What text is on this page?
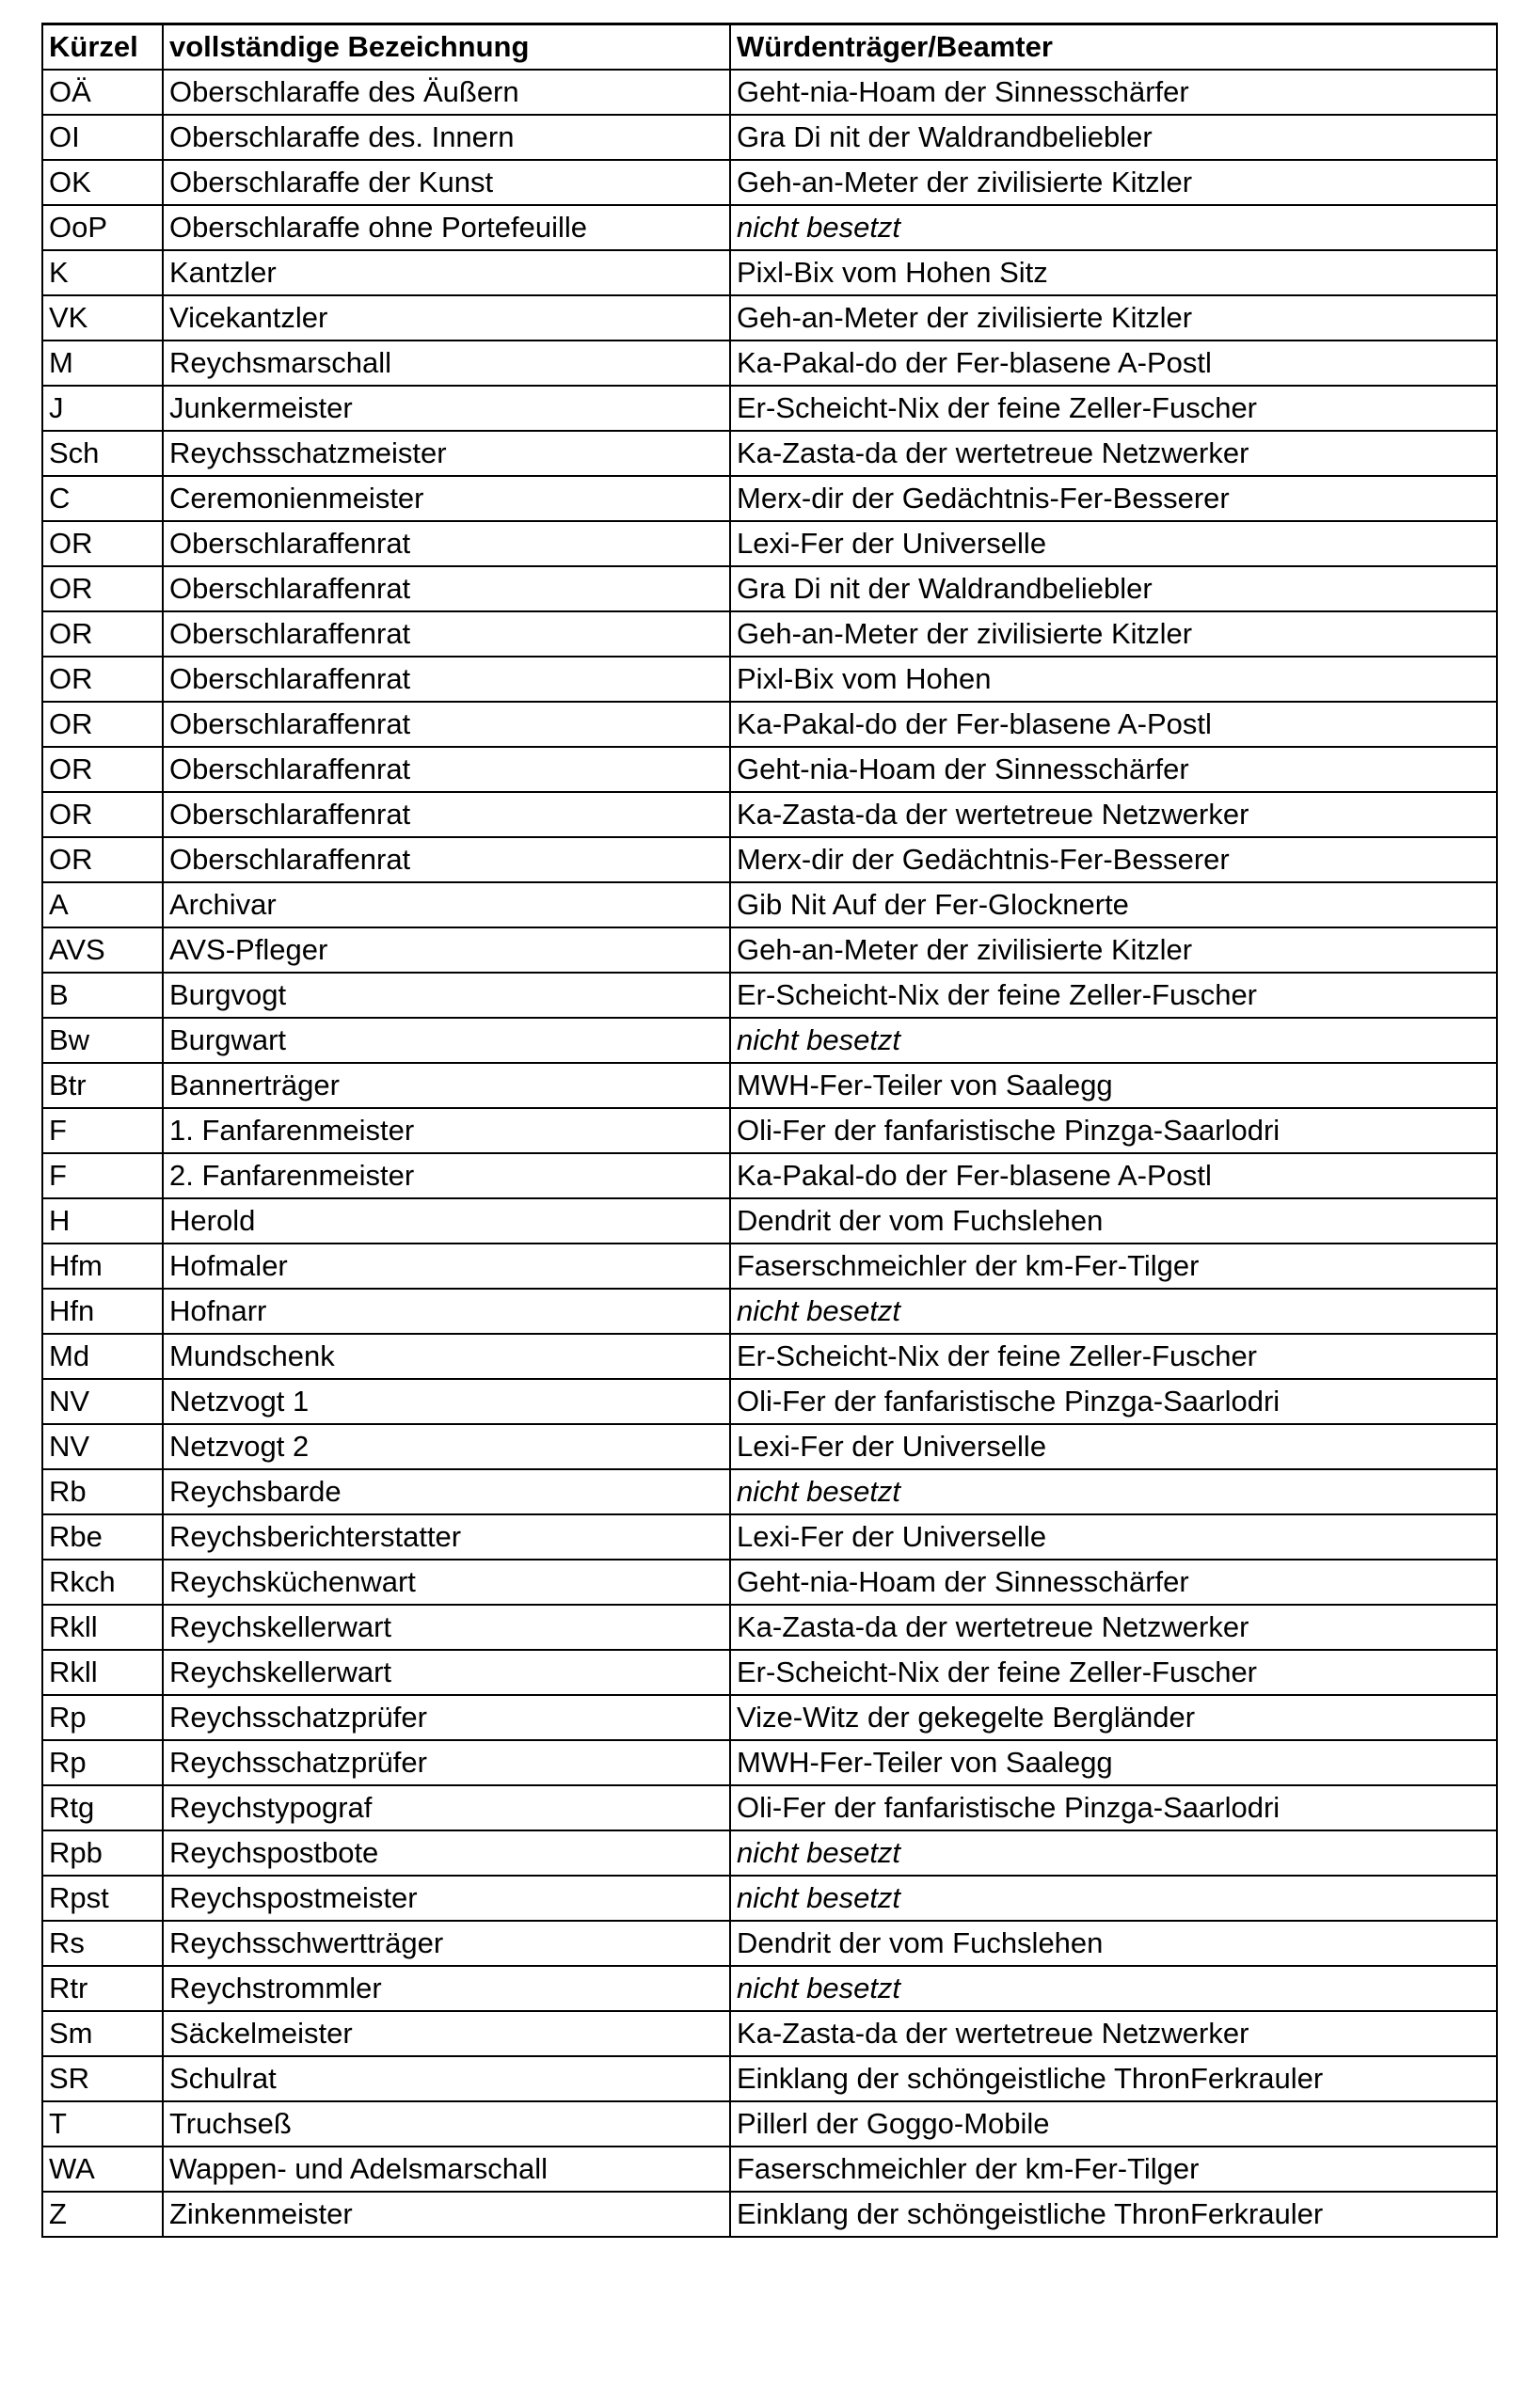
Kürzel	vollständige Bezeichnung	Würdenträger/Beamter
OÄ	Oberschlaraffe des Äußern	Geht-nia-Hoam der Sinnesschärfer
OI	Oberschlaraffe des. Innern	Gra Di nit der Waldrandbeliebler
OK	Oberschlaraffe der Kunst	Geh-an-Meter der zivilisierte Kitzler
OoP	Oberschlaraffe ohne Portefeuille	nicht besetzt
K	Kantzler	Pixl-Bix vom Hohen Sitz
VK	Vicekantzler	Geh-an-Meter der zivilisierte Kitzler
M	Reychsmarschall	Ka-Pakal-do der Fer-blasene A-Postl
J	Junkermeister	Er-Scheicht-Nix der feine Zeller-Fuscher
Sch	Reychsschatzmeister	Ka-Zasta-da der wertetreue Netzwerker
C	Ceremonienmeister	Merx-dir der Gedächtnis-Fer-Besserer
OR	Oberschlaraffenrat	Lexi-Fer der Universelle
OR	Oberschlaraffenrat	Gra Di nit der Waldrandbeliebler
OR	Oberschlaraffenrat	Geh-an-Meter der zivilisierte Kitzler
OR	Oberschlaraffenrat	Pixl-Bix vom Hohen
OR	Oberschlaraffenrat	Ka-Pakal-do der Fer-blasene A-Postl
OR	Oberschlaraffenrat	Geht-nia-Hoam der Sinnesschärfer
OR	Oberschlaraffenrat	Ka-Zasta-da der wertetreue Netzwerker
OR	Oberschlaraffenrat	Merx-dir der Gedächtnis-Fer-Besserer
A	Archivar	Gib Nit Auf der Fer-Glocknerte
AVS	AVS-Pfleger	Geh-an-Meter der zivilisierte Kitzler
B	Burgvogt	Er-Scheicht-Nix der feine Zeller-Fuscher
Bw	Burgwart	nicht besetzt
Btr	Bannerträger	MWH-Fer-Teiler von Saalegg
F	1. Fanfarenmeister	Oli-Fer der fanfaristische Pinzga-Saarlodri
F	2. Fanfarenmeister	Ka-Pakal-do der Fer-blasene A-Postl
H	Herold	Dendrit der vom Fuchslehen
Hfm	Hofmaler	Faserschmeichler der km-Fer-Tilger
Hfn	Hofnarr	nicht besetzt
Md	Mundschenk	Er-Scheicht-Nix der feine Zeller-Fuscher
NV	Netzvogt 1	Oli-Fer der fanfaristische Pinzga-Saarlodri
NV	Netzvogt 2	Lexi-Fer der Universelle
Rb	Reychsbarde	nicht besetzt
Rbe	Reychsberichterstatter	Lexi-Fer der Universelle
Rkch	Reychsküchenwart	Geht-nia-Hoam der Sinnesschärfer
Rkll	Reychskellerwart	Ka-Zasta-da der wertetreue Netzwerker
Rkll	Reychskellerwart	Er-Scheicht-Nix der feine Zeller-Fuscher
Rp	Reychsschatzprüfer	Vize-Witz der gekegelte Bergländer
Rp	Reychsschatzprüfer	MWH-Fer-Teiler von Saalegg
Rtg	Reychstypograf	Oli-Fer der fanfaristische Pinzga-Saarlodri
Rpb	Reychspostbote	nicht besetzt
Rpst	Reychspostmeister	nicht besetzt
Rs	Reychsschwertträger	Dendrit der vom Fuchslehen
Rtr	Reychstrommler	nicht besetzt
Sm	Säckelmeister	Ka-Zasta-da der wertetreue Netzwerker
SR	Schulrat	Einklang der schöngeistliche ThronFerkrauler
T	Truchseß	Pillerl der Goggo-Mobile
WA	Wappen- und Adelsmarschall	Faserschmeichler der km-Fer-Tilger
Z	Zinkenmeister	Einklang der schöngeistliche ThronFerkrauler
